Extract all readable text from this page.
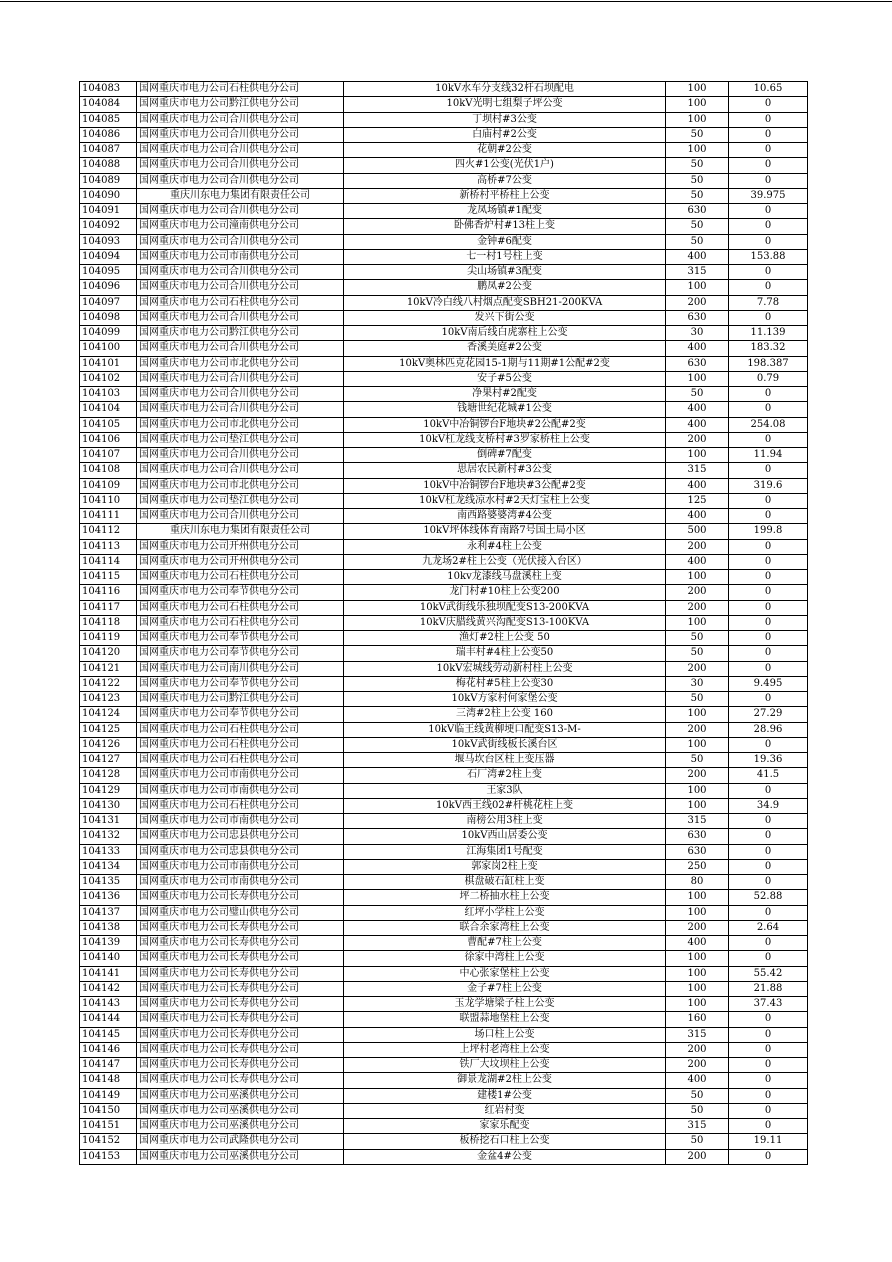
104083	国网重庆市电力公司石柱供电分公司	10kV水车分支线32杆石坝配电	100	10.65
104084	国网重庆市电力公司黔江供电分公司	10kV光明七组梨子坪公变	100	0
104085	国网重庆市电力公司合川供电分公司	丁坝村#3公变	100	0
104086	国网重庆市电力公司合川供电分公司	白庙村#2公变	50	0
104087	国网重庆市电力公司合川供电分公司	花朝#2公变	100	0
104088	国网重庆市电力公司合川供电分公司	四火#1公变(光伏1户)	50	0
104089	国网重庆市电力公司合川供电分公司	高桥#7公变	50	0
104090	重庆川东电力集团有限责任公司	新桥村平桥柱上公变	50	39.975
104091	国网重庆市电力公司合川供电分公司	龙凤场镇#1配变	630	0
104092	国网重庆市电力公司潼南供电分公司	卧佛香炉村#13柱上变	50	0
104093	国网重庆市电力公司合川供电分公司	金钟#6配变	50	0
104094	国网重庆市电力公司市南供电分公司	七一村1号柱上变	400	153.88
104095	国网重庆市电力公司合川供电分公司	尖山场镇#3配变	315	0
104096	国网重庆市电力公司合川供电分公司	鹏凤#2公变	100	0
104097	国网重庆市电力公司石柱供电分公司	10kV冷白线八村烟点配变SBH21-200KVA	200	7.78
104098	国网重庆市电力公司合川供电分公司	发兴下街公变	630	0
104099	国网重庆市电力公司黔江供电分公司	10kV南后线白虎寨柱上公变	30	11.139
104100	国网重庆市电力公司合川供电分公司	香溪美庭#2公变	400	183.32
104101	国网重庆市电力公司市北供电分公司	10kV奥林匹克花园15-1期与11期#1公配#2变	630	198.387
104102	国网重庆市电力公司合川供电分公司	安子#5公变	100	0.79
104103	国网重庆市电力公司合川供电分公司	净果村#2配变	50	0
104104	国网重庆市电力公司合川供电分公司	钱塘世纪花城#1公变	400	0
104105	国网重庆市电力公司市北供电分公司	10kV中冶铜锣台F地块#2公配#2变	400	254.08
104106	国网重庆市电力公司垫江供电分公司	10kV杠龙线支桥村#3罗家桥柱上公变	200	0
104107	国网重庆市电力公司合川供电分公司	倒碑#7配变	100	11.94
104108	国网重庆市电力公司合川供电分公司	思居农民新村#3公变	315	0
104109	国网重庆市电力公司市北供电分公司	10kV中冶铜锣台F地块#3公配#2变	400	319.6
104110	国网重庆市电力公司垫江供电分公司	10kV杠龙线凉水村#2天灯宝柱上公变	125	0
104111	国网重庆市电力公司合川供电分公司	南西路婆婆湾#4公变	400	0
104112	重庆川东电力集团有限责任公司	10kV坪体线体育南路7号国土局小区	500	199.8
104113	国网重庆市电力公司开州供电分公司	永利#4柱上公变	200	0
104114	国网重庆市电力公司开州供电分公司	九龙场2#柱上公变（光伏接入台区）	400	0
104115	国网重庆市电力公司石柱供电分公司	10kv龙漆线马盘溪柱上变	100	0
104116	国网重庆市电力公司奉节供电分公司	龙门村#10柱上公变200	200	0
104117	国网重庆市电力公司石柱供电分公司	10kV武街线乐独坝配变S13-200KVA	200	0
104118	国网重庆市电力公司石柱供电分公司	10kV庆腊线黄兴沟配变S13-100KVA	100	0
104119	国网重庆市电力公司奉节供电分公司	渔灯#2柱上公变 50	50	0
104120	国网重庆市电力公司奉节供电分公司	瑞丰村#4柱上公变50	50	0
104121	国网重庆市电力公司南川供电分公司	10kV宏城线劳动新村柱上公变	200	0
104122	国网重庆市电力公司奉节供电分公司	梅花村#5柱上公变30	30	9.495
104123	国网重庆市电力公司黔江供电分公司	10kV方家村何家堡公变	50	0
104124	国网重庆市电力公司奉节供电分公司	三湾#2柱上公变 160	100	27.29
104125	国网重庆市电力公司石柱供电分公司	10kV临王线黄柳埂口配变S13-M-	200	28.96
104126	国网重庆市电力公司石柱供电分公司	10kV武街线板长溪台区	100	0
104127	国网重庆市电力公司石柱供电分公司	堰马坎台区柱上变压器	50	19.36
104128	国网重庆市电力公司市南供电分公司	石厂湾#2柱上变	200	41.5
104129	国网重庆市电力公司市南供电分公司	王家3队	100	0
104130	国网重庆市电力公司石柱供电分公司	10kV西王线02#杆桃花柱上变	100	34.9
104131	国网重庆市电力公司市南供电分公司	南榜公用3柱上变	315	0
104132	国网重庆市电力公司忠县供电分公司	10kV西山居委公变	630	0
104133	国网重庆市电力公司忠县供电分公司	江海集团1号配变	630	0
104134	国网重庆市电力公司市南供电分公司	郭家岗2柱上变	250	0
104135	国网重庆市电力公司市南供电分公司	棋盘破石缸柱上变	80	0
104136	国网重庆市电力公司长寿供电分公司	坪二桥抽水柱上公变	100	52.88
104137	国网重庆市电力公司璧山供电分公司	红坪小学柱上公变	100	0
104138	国网重庆市电力公司长寿供电分公司	联合余家湾柱上公变	200	2.64
104139	国网重庆市电力公司长寿供电分公司	曹配#7柱上公变	400	0
104140	国网重庆市电力公司长寿供电分公司	徐家中湾柱上公变	100	0
104141	国网重庆市电力公司长寿供电分公司	中心张家堡柱上公变	100	55.42
104142	国网重庆市电力公司长寿供电分公司	金子#7柱上公变	100	21.88
104143	国网重庆市电力公司长寿供电分公司	玉龙学塘梁子柱上公变	100	37.43
104144	国网重庆市电力公司长寿供电分公司	联盟蒜地堡柱上公变	160	0
104145	国网重庆市电力公司长寿供电分公司	场口柱上公变	315	0
104146	国网重庆市电力公司长寿供电分公司	上坪村老湾柱上公变	200	0
104147	国网重庆市电力公司长寿供电分公司	铁厂大坟坝柱上公变	200	0
104148	国网重庆市电力公司长寿供电分公司	御景龙湖#2柱上公变	400	0
104149	国网重庆市电力公司巫溪供电分公司	建楼1#公变	50	0
104150	国网重庆市电力公司巫溪供电分公司	红岩村变	50	0
104151	国网重庆市电力公司巫溪供电分公司	家家乐配变	315	0
104152	国网重庆市电力公司武隆供电分公司	板桥挖石口柱上公变	50	19.11
104153	国网重庆市电力公司巫溪供电分公司	金盆4#公变	200	0
